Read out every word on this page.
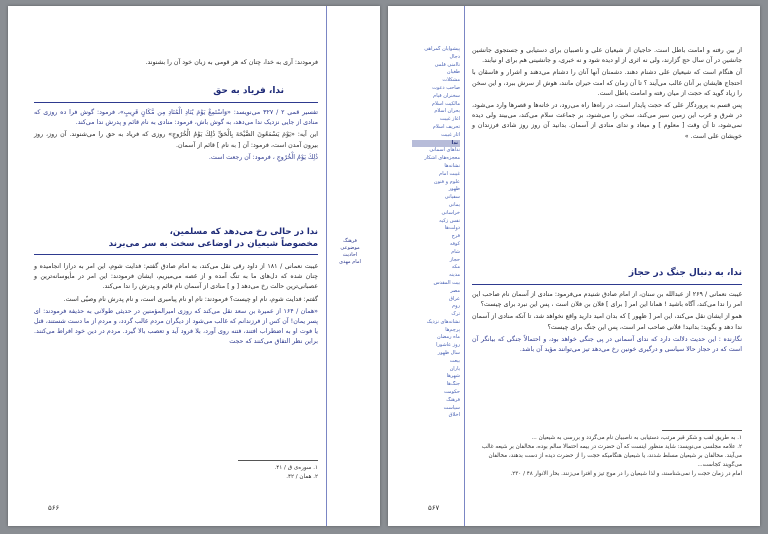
فرهنگ
موضوعی
احادیث
امام مهدی

فرمودند: آری به خدا، چنان که هر قومی به زبان خود آن را بشنوند.

ندا، فریاد به حق

تفسیر قمی ۲ / ۳۲۷ می‌نویسد: «وَاسْتَمِعْ يَوْمَ يُنَادِ الْمُنَادِ مِن مَّكَانٍ قَرِيبٍ»، فرمود: گوش فرا ده روزی که منادی از جایی نزدیک ندا می‌دهد، به گوش باش، فرمود: منادی به نام قائم و پدرش ندا می‌کند.

این آیه: «يَوْمَ يَسْمَعُونَ الصَّيْحَةَ بِالْحَقِّ ذَٰلِكَ يَوْمُ الْخُرُوجِ» روزی که فریاد به حق را می‌شنوند. آن روز، روز بیرون آمدن است، فرمود: آن [ به نام ] قائم از آسمان.

ذَٰلِكَ يَوْمُ الْخُرُوجِ ، فرمود: آن رجعت است.

ندا در حالی رخ می‌دهد که مسلمین،
مخصوصاً شیعیان در اوضاعی سخت به سر می‌برند

غیبت نعمانی / ۱۸۱ از داود رقی نقل می‌کند، به امام صادق گفتم: فدایت شوم، این امر به درازا انجامیده و چنان شده که دل‌های ما به تنگ آمده و از غصه می‌میریم، ایشان فرمودند: این امر در مأیوسانه‌ترین و عصبانی‌ترین حالت رخ می‌دهد [ و ] منادی از آسمان نام قائم و پدرش را ندا می‌کند.

گفتم: فدایت شوم، نام او چیست؟ فرمودند: نام او نام پیامبری است، و نام پدرش نام وصیّی است.

«همان / ۱۶۴ از عمیرة بن سعد نقل می‌کند که روزی امیرالمؤمنین در حدیثی طولانی به حذیفة فرمودند: ای پسر یمان! آن کس از فرزندانم که غالب می‌شود از دیگران مردم غالب گردد، و مردم از ما دست شستند، قتل یا فوت او به اضطراب افتند، فتنه روی آورد، بلا فرود آید و تعصب بالا گیرد. مردم در دین خود افراط می‌کنند. براین نظر التفاق می‌کنند که حجت

۱. سوره‌ی ق / ۴۱.
۲. همان / ۴۲.
۵۶۶
پیشوایان گمراهی
دجال
ناامنی قلمی
طغیان
مشکلات
صاحب دعوت
سخنران قیام
مالکیت اسلام
بحران اسلام
آغاز غیبت
تحریف اسلام
آثار غیبت
ندا
نداهای آسمانی
معجزه‌های آشکار
نشانه‌ها
غیبت امام
علوم و فنون
ظهور
سفیانی
یمانی
خراسانی
نفس زکیه
دولت‌ها
فرج
کوفه
شام
حجاز
مکه
مدینه
بیت المقدس
مصر
عراق
روم
ترک
نشانه‌های نزدیک
پرچم‌ها
ماه رمضان
روز عاشورا
سال ظهور
بیعت
یاران
شهرها
جنگ‌ها
حکومت
فرهنگ
سیاست
اخلاق

از بین رفته و امامت باطل است. حاجیان از شیعیان علی و ناصبیان برای دستیابی و جستجوی جانشین جانشین در آن سال حج گزارند، ولی نه اثری از او دیده شود و نه خبری، و جانشینی هم برای او نیابند.

آن هنگام است که شیعیان علی دشنام دهند. دشمنان آنها آنان را دشنام می‌دهند و اشرار و فاسقان با احتجاج هایشان بر آنان غالب می‌آیند ؟ تا آن زمان که امت حیران مانند، هوش از سرش ببرد، و این سخن را زیاد گوید که حجت از میان رفته و امامت باطل است.

پس قسم به پروردگار علی که حجت پایدار است، در راه‌ها راه می‌رود، در خانه‌ها و قصرها وارد می‌شود، در شرق و غرب این زمین سیر می‌کند، سخن را می‌شنود، بر جماعت سلام می‌کند، می‌بیند ولی دیده نمی‌شود، تا آن وقت [ معلوم ] و میعاد و ندای منادی از آسمان. بدانید آن روز روز شادی فرزندان و خویشان علی است. »

ندا، به دنبال جنگ در حجاز

غیبت نعمانی / ۲۶۹ از عبدالله بن سنان، از امام صادق شنیدم می‌فرمود: منادی از آسمان نام صاحب این امر را ندا می‌کند، آگاه باشید ! همانا این امر [ برای ] فلان بن فلان است ، پس این نبرد برای چیست؟

همو از ایشان نقل می‌کند، این امر [ ظهور ] که بدان امید دارید واقع نخواهد شد، تا آنکه منادی از آسمان ندا دهد و بگوید: بدانید! فلانی صاحب امر است، پس این جنگ برای چیست؟

نگارنده : این حدیث دلالت دارد که ندای آسمانی در پی جنگی خواهد بود، و احتمالاً جنگی که بیانگر آن است که در حجاز حالا سیاسی و درگیری خونین رخ می‌دهد تیز می‌توانند مؤید آن باشد.

۱. به طریق لقب و شکر قبر مرتب، دستیابی به ناصبیان نام می‌گردد و بررسی به شیعیان ...
۲. علامه مجلسی می‌نویسد: شاید منظور اینست که آن حضرت در بیمه احتمالا سالم بوده، مخالفان بر شیعه غالب می‌آیند. مخالفان بر شیعیان مسلط شدند، یا شیعیان هنگامیکه حجت را از حضرت دیده از دست بدهند، مخالفان می‌گویند کجاست...
امام در زمان حجت را نمی‌شناسند، و لذا شیعیان را در موج تیز و افترا می‌زنند. بحار الانوار ۴۸ / ۲۳۰.
۵۶۷
